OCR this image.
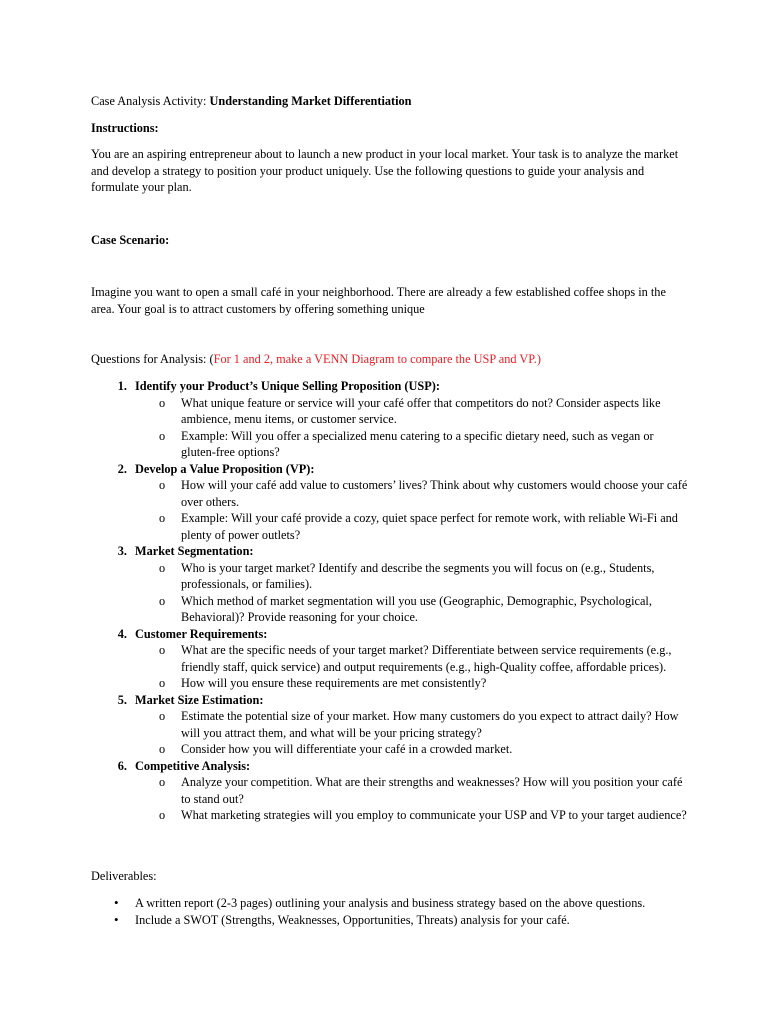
Case Analysis Activity: Understanding Market Differentiation

Instructions:

You are an aspiring entrepreneur about to launch a new product in your local market. Your task is to analyze the market and develop a strategy to position your product uniquely. Use the following questions to guide your analysis and formulate your plan.

Case Scenario:

Imagine you want to open a small café in your neighborhood. There are already a few established coffee shops in the area. Your goal is to attract customers by offering something unique

Questions for Analysis: (For 1 and 2, make a VENN Diagram to compare the USP and VP.)

1. Identify your Product’s Unique Selling Proposition (USP):
o What unique feature or service will your café offer that competitors do not? Consider aspects like ambience, menu items, or customer service.
o Example: Will you offer a specialized menu catering to a specific dietary need, such as vegan or gluten-free options?
2. Develop a Value Proposition (VP):
o How will your café add value to customers’ lives? Think about why customers would choose your café over others.
o Example: Will your café provide a cozy, quiet space perfect for remote work, with reliable Wi-Fi and plenty of power outlets?
3. Market Segmentation:
o Who is your target market? Identify and describe the segments you will focus on (e.g., Students, professionals, or families).
o Which method of market segmentation will you use (Geographic, Demographic, Psychological, Behavioral)? Provide reasoning for your choice.
4. Customer Requirements:
o What are the specific needs of your target market? Differentiate between service requirements (e.g., friendly staff, quick service) and output requirements (e.g., high-Quality coffee, affordable prices).
o How will you ensure these requirements are met consistently?
5. Market Size Estimation:
o Estimate the potential size of your market. How many customers do you expect to attract daily? How will you attract them, and what will be your pricing strategy?
o Consider how you will differentiate your café in a crowded market.
6. Competitive Analysis:
o Analyze your competition. What are their strengths and weaknesses? How will you position your café to stand out?
o What marketing strategies will you employ to communicate your USP and VP to your target audience?

Deliverables:

• A written report (2-3 pages) outlining your analysis and business strategy based on the above questions.
• Include a SWOT (Strengths, Weaknesses, Opportunities, Threats) analysis for your café.
